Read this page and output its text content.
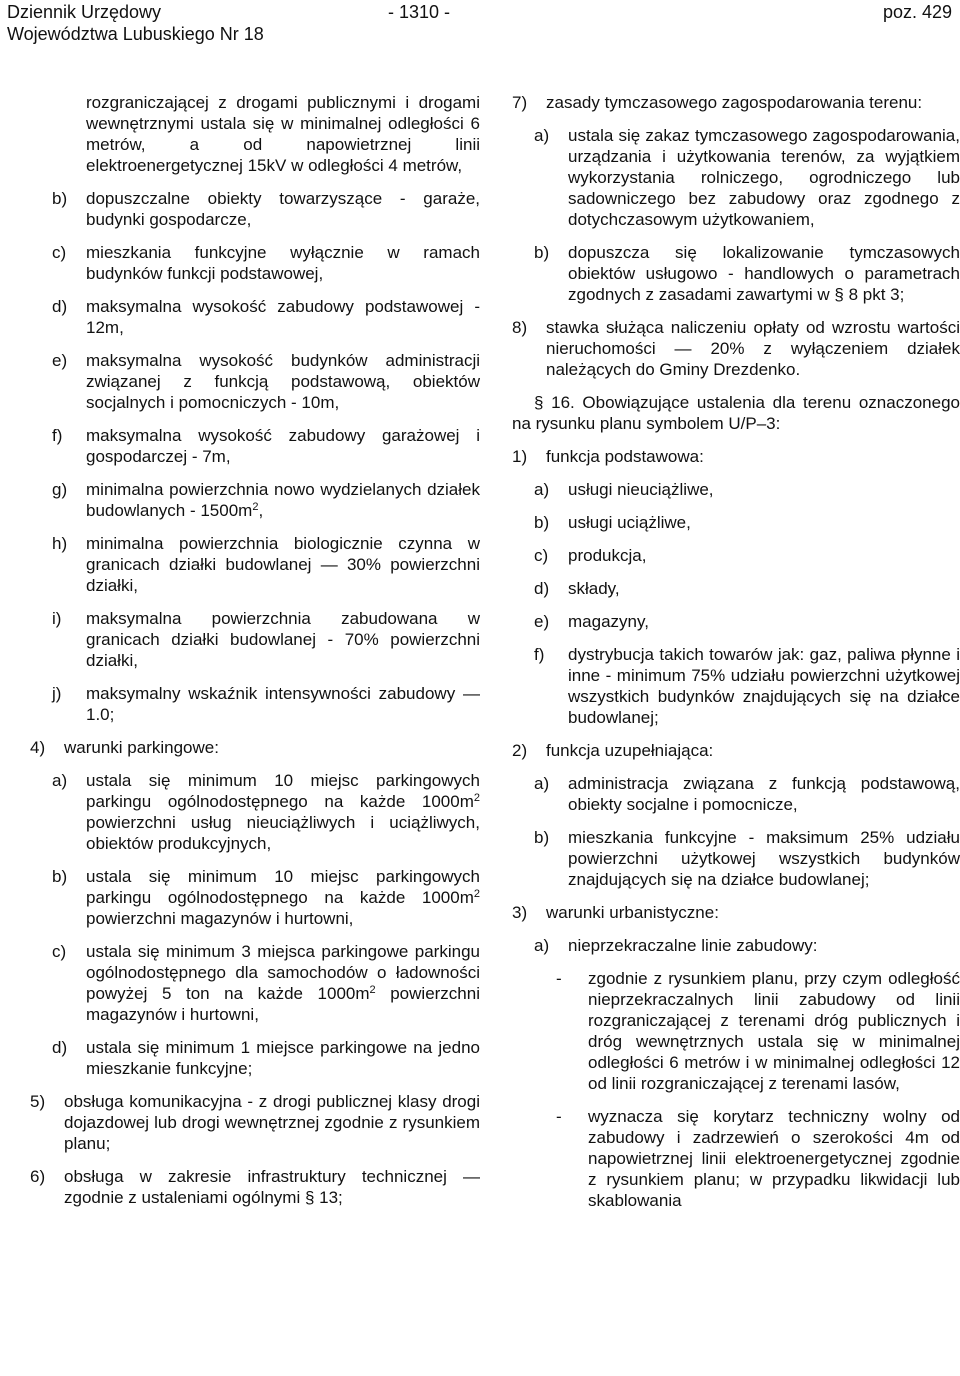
Dziennik Urzędowy	- 1310 -	poz. 429
Województwa Lubuskiego Nr 18
rozgraniczającej z drogami publicznymi i drogami wewnętrznymi ustala się w minimalnej odległości 6 metrów, a od napowietrznej linii elektroenergetycznej 15kV w odległości 4 metrów,
b)	dopuszczalne obiekty towarzyszące - garaże, budynki gospodarcze,
c)	mieszkania funkcyjne wyłącznie w ramach budynków funkcji podstawowej,
d)	maksymalna wysokość zabudowy podstawowej - 12m,
e)	maksymalna wysokość budynków administracji związanej z funkcją podstawową, obiektów socjalnych i pomocniczych - 10m,
f)	maksymalna wysokość zabudowy garażowej i gospodarczej - 7m,
g)	minimalna powierzchnia nowo wydzielanych działek budowlanych - $1500m^2$,
h)	minimalna powierzchnia biologicznie czynna w granicach działki budowlanej — 30% powierzchni działki,
i)	maksymalna powierzchnia zabudowana w granicach działki budowlanej - 70% powierzchni działki,
j)	maksymalny wskaźnik intensywności zabudowy — 1.0;
4)	warunki parkingowe:
a)	ustala się minimum 10 miejsc parkingowych parkingu ogólnodostępnego na każde $1000m^2$ powierzchni usług nieuciążliwych i uciążliwych, obiektów produkcyjnych,
b)	ustala się minimum 10 miejsc parkingowych parkingu ogólnodostępnego na każde $1000m^2$ powierzchni magazynów i hurtowni,
c)	ustala się minimum 3 miejsca parkingowe parkingu ogólnodostępnego dla samochodów o ładowności powyżej 5 ton na każde $1000m^2$ powierzchni magazynów i hurtowni,
d)	ustala się minimum 1 miejsce parkingowe na jedno mieszkanie funkcyjne;
5)	obsługa komunikacyjna - z drogi publicznej klasy drogi dojazdowej lub drogi wewnętrznej zgodnie z rysunkiem planu;
6)	obsługa w zakresie infrastruktury technicznej — zgodnie z ustaleniami ogólnymi § 13;
7)	zasady tymczasowego zagospodarowania terenu:
a)	ustala się zakaz tymczasowego zagospodarowania, urządzania i użytkowania terenów, za wyjątkiem wykorzystania rolniczego, ogrodniczego lub sadowniczego bez zabudowy oraz zgodnego z dotychczasowym użytkowaniem,
b)	dopuszcza się lokalizowanie tymczasowych obiektów usługowo - handlowych o parametrach zgodnych z zasadami zawartymi w § 8 pkt 3;
8)	stawka służąca naliczeniu opłaty od wzrostu wartości nieruchomości — 20% z wyłączeniem działek należących do Gminy Drezdenko.
§ 16. Obowiązujące ustalenia dla terenu oznaczonego na rysunku planu symbolem U/P–3:
1)	funkcja podstawowa:
a)	usługi nieuciążliwe,
b)	usługi uciążliwe,
c)	produkcja,
d)	składy,
e)	magazyny,
f)	dystrybucja takich towarów jak: gaz, paliwa płynne i inne - minimum 75% udziału powierzchni użytkowej wszystkich budynków znajdujących się na działce budowlanej;
2)	funkcja uzupełniająca:
a)	administracja związana z funkcją podstawową, obiekty socjalne i pomocnicze,
b)	mieszkania funkcyjne - maksimum 25% udziału powierzchni użytkowej wszystkich budynków znajdujących się na działce budowlanej;
3)	warunki urbanistyczne:
a)	nieprzekraczalne linie zabudowy:
-	zgodnie z rysunkiem planu, przy czym odległość nieprzekraczalnych linii zabudowy od linii rozgraniczającej z terenami dróg publicznych i dróg wewnętrznych ustala się w minimalnej odległości 6 metrów i w minimalnej odległości 12 od linii rozgraniczającej z terenami lasów,
-	wyznacza się korytarz techniczny wolny od zabudowy i zadrzewień o szerokości 4m od napowietrznej linii elektroenergetycznej zgodnie z rysunkiem planu; w przypadku likwidacji lub skablowania
